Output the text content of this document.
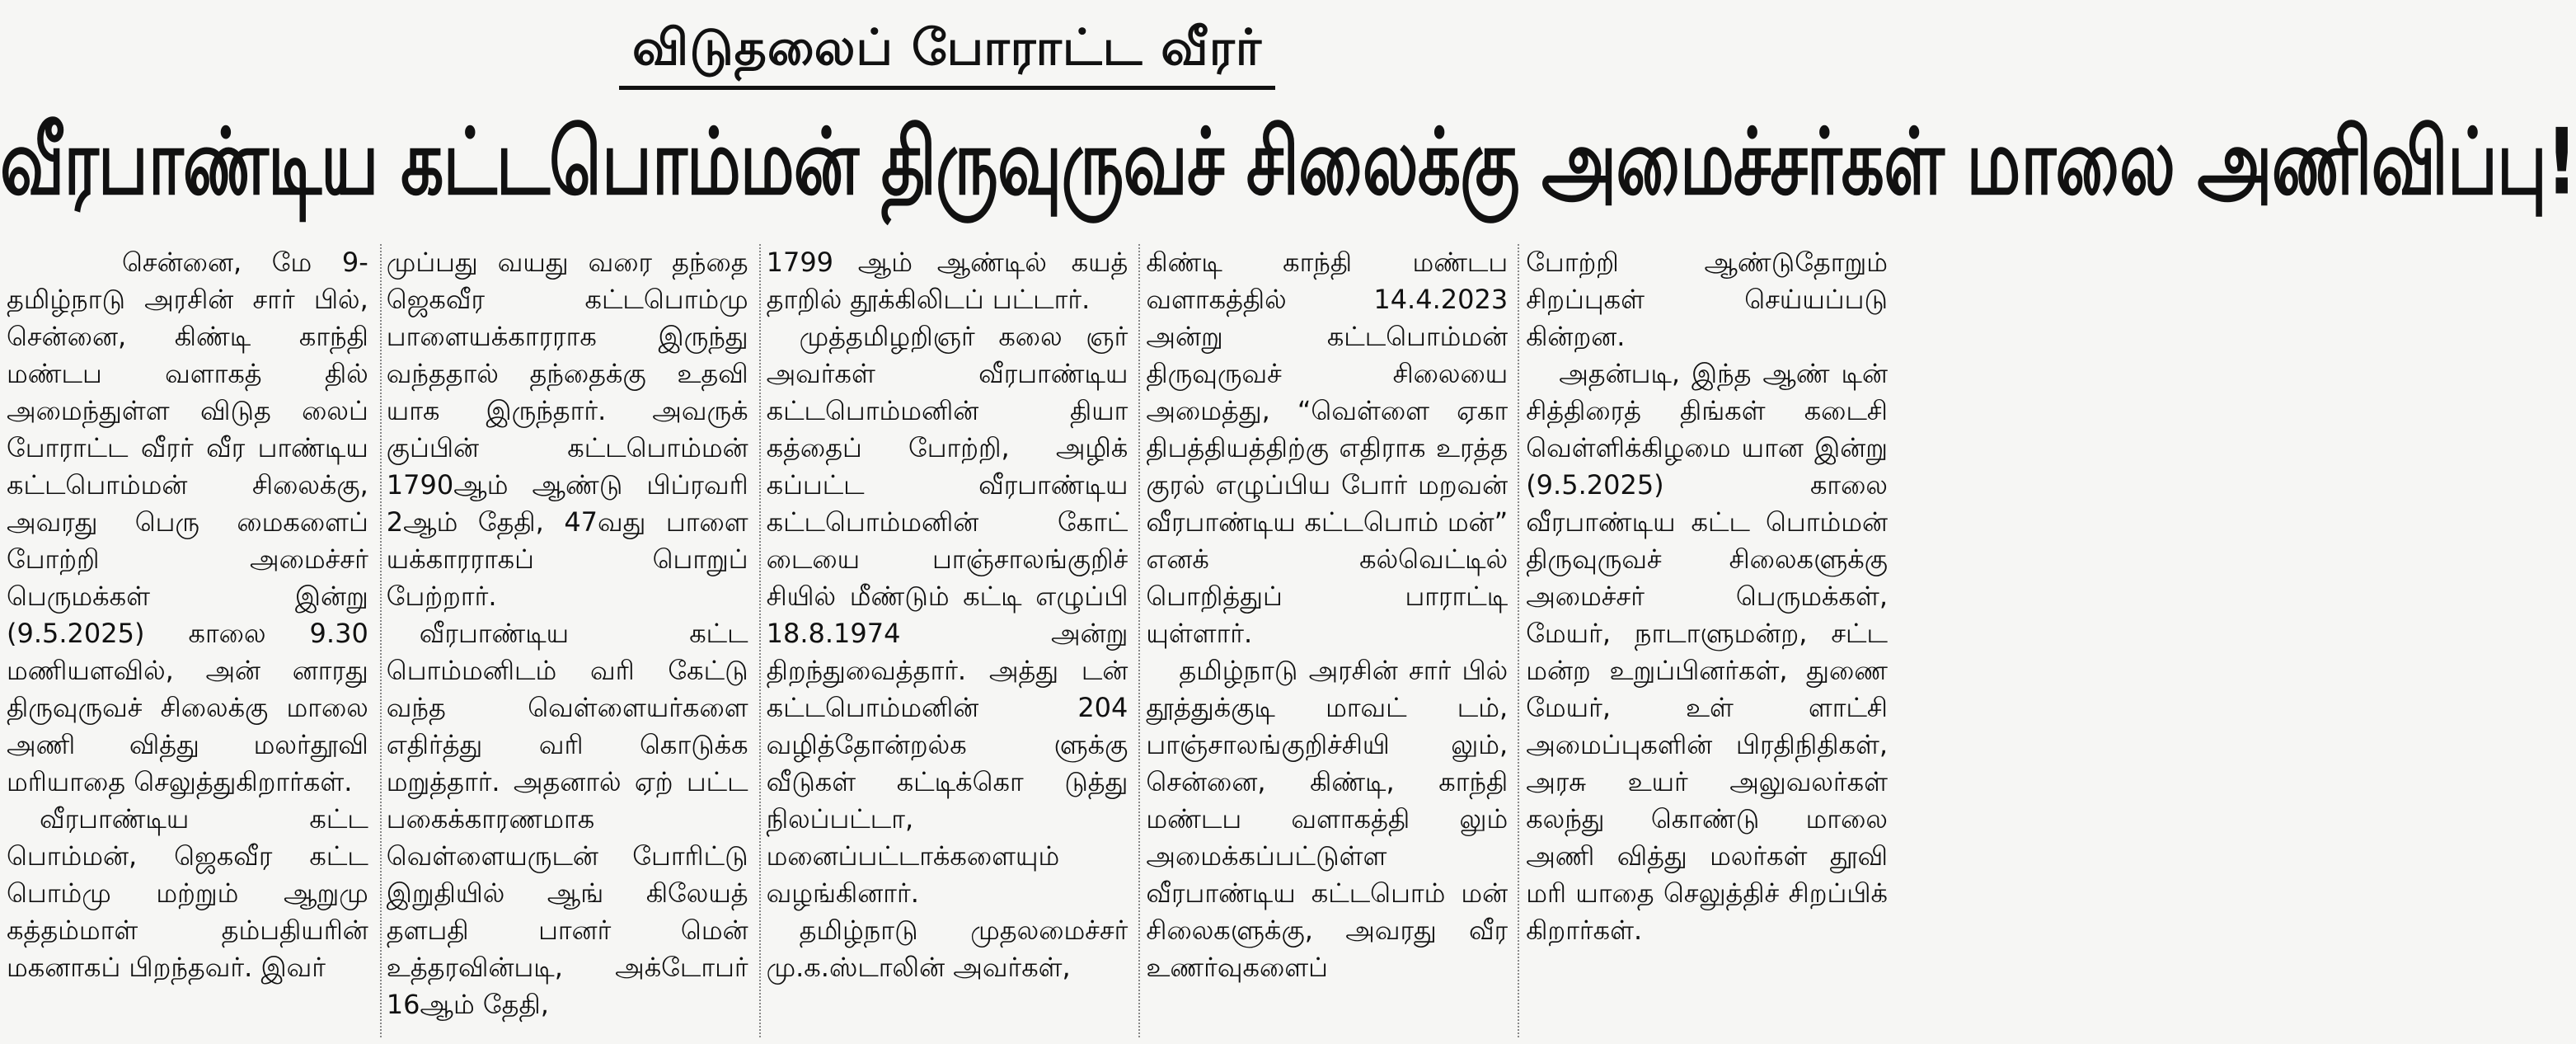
விடுதலைப் போராட்ட வீரர்
வீரபாண்டிய கட்டபொம்மன் திருவுருவச் சிலைக்கு அமைச்சர்கள் மாலை அணிவிப்பு!

சென்னை, மே 9- தமிழ்நாடு அரசின் சார் பில், சென்னை, கிண்டி காந்தி மண்டப வளாகத் தில் அமைந்துள்ள விடுத லைப் போராட்ட வீரர் வீர பாண்டிய கட்டபொம்மன் சிலைக்கு, அவரது பெரு மைகளைப் போற்றி அமைச்சர் பெருமக்கள் இன்று (9.5.2025) காலை 9.30 மணியளவில், அன் னாரது திருவுருவச் சிலைக்கு மாலை அணி வித்து மலர்தூவி மரியாதை செலுத்துகிறார்கள்.

வீரபாண்டிய கட்ட பொம்மன், ஜெகவீர கட்ட பொம்மு மற்றும் ஆறுமு கத்தம்மாள் தம்பதியரின் மகனாகப் பிறந்தவர். இவர்

முப்பது வயது வரை தந்தை ஜெகவீர கட்டபொம்மு பாளையக்காரராக இருந்து வந்ததால் தந்தைக்கு உதவி யாக இருந்தார். அவருக் குப்பின் கட்டபொம்மன் 1790ஆம் ஆண்டு பிப்ரவரி 2ஆம் தேதி, 47வது பாளை யக்காரராகப் பொறுப் பேற்றார்.

வீரபாண்டிய கட்ட பொம்மனிடம் வரி கேட்டு வந்த வெள்ளையர்களை எதிர்த்து வரி கொடுக்க மறுத்தார். அதனால் ஏற் பட்ட பகைக்காரணமாக வெள்ளையருடன் போரிட்டு இறுதியில் ஆங் கிலேயத் தளபதி பானர் மென் உத்தரவின்படி, அக்டோபர் 16ஆம் தேதி,

1799 ஆம் ஆண்டில் கயத் தாறில் தூக்கிலிடப் பட்டார்.

முத்தமிழறிஞர் கலை ஞர் அவர்கள் வீரபாண்டிய கட்டபொம்மனின் தியா கத்தைப் போற்றி, அழிக் கப்பட்ட வீரபாண்டிய கட்டபொம்மனின் கோட் டையை பாஞ்சாலங்குறிச் சியில் மீண்டும் கட்டி எழுப்பி 18.8.1974 அன்று திறந்துவைத்தார். அத்து டன் கட்டபொம்மனின் 204 வழித்தோன்றல்க ளுக்கு வீடுகள் கட்டிக்கொ டுத்து நிலப்பட்டா, மனைப்பட்டாக்களையும் வழங்கினார்.

தமிழ்நாடு முதலமைச்சர் மு.க.ஸ்டாலின் அவர்கள்,

கிண்டி காந்தி மண்டப வளாகத்தில் 14.4.2023 அன்று கட்டபொம்மன் திருவுருவச் சிலையை அமைத்து, “வெள்ளை ஏகா திபத்தியத்திற்கு எதிராக உரத்த குரல் எழுப்பிய போர் மறவன் வீரபாண்டிய கட்டபொம் மன்” எனக் கல்வெட்டில் பொறித்துப் பாராட்டி யுள்ளார்.

தமிழ்நாடு அரசின் சார் பில் தூத்துக்குடி மாவட் டம், பாஞ்சாலங்குறிச்சியி லும், சென்னை, கிண்டி, காந்தி மண்டப வளாகத்தி லும் அமைக்கப்பட்டுள்ள வீரபாண்டிய கட்டபொம் மன் சிலைகளுக்கு, அவரது வீர உணர்வுகளைப்

போற்றி ஆண்டுதோறும் சிறப்புகள் செய்யப்படு கின்றன.

அதன்படி, இந்த ஆண் டின் சித்திரைத் திங்கள் கடைசி வெள்ளிக்கிழமை யான இன்று (9.5.2025) காலை வீரபாண்டிய கட்ட பொம்மன் திருவுருவச் சிலைகளுக்கு அமைச்சர் பெருமக்கள், மேயர், நாடாளுமன்ற, சட்ட மன்ற உறுப்பினர்கள், துணை மேயர், உள் ளாட்சி அமைப்புகளின் பிரதிநிதிகள், அரசு உயர் அலுவலர்கள் கலந்து கொண்டு மாலை அணி வித்து மலர்கள் தூவி மரி யாதை செலுத்திச் சிறப்பிக் கிறார்கள்.
